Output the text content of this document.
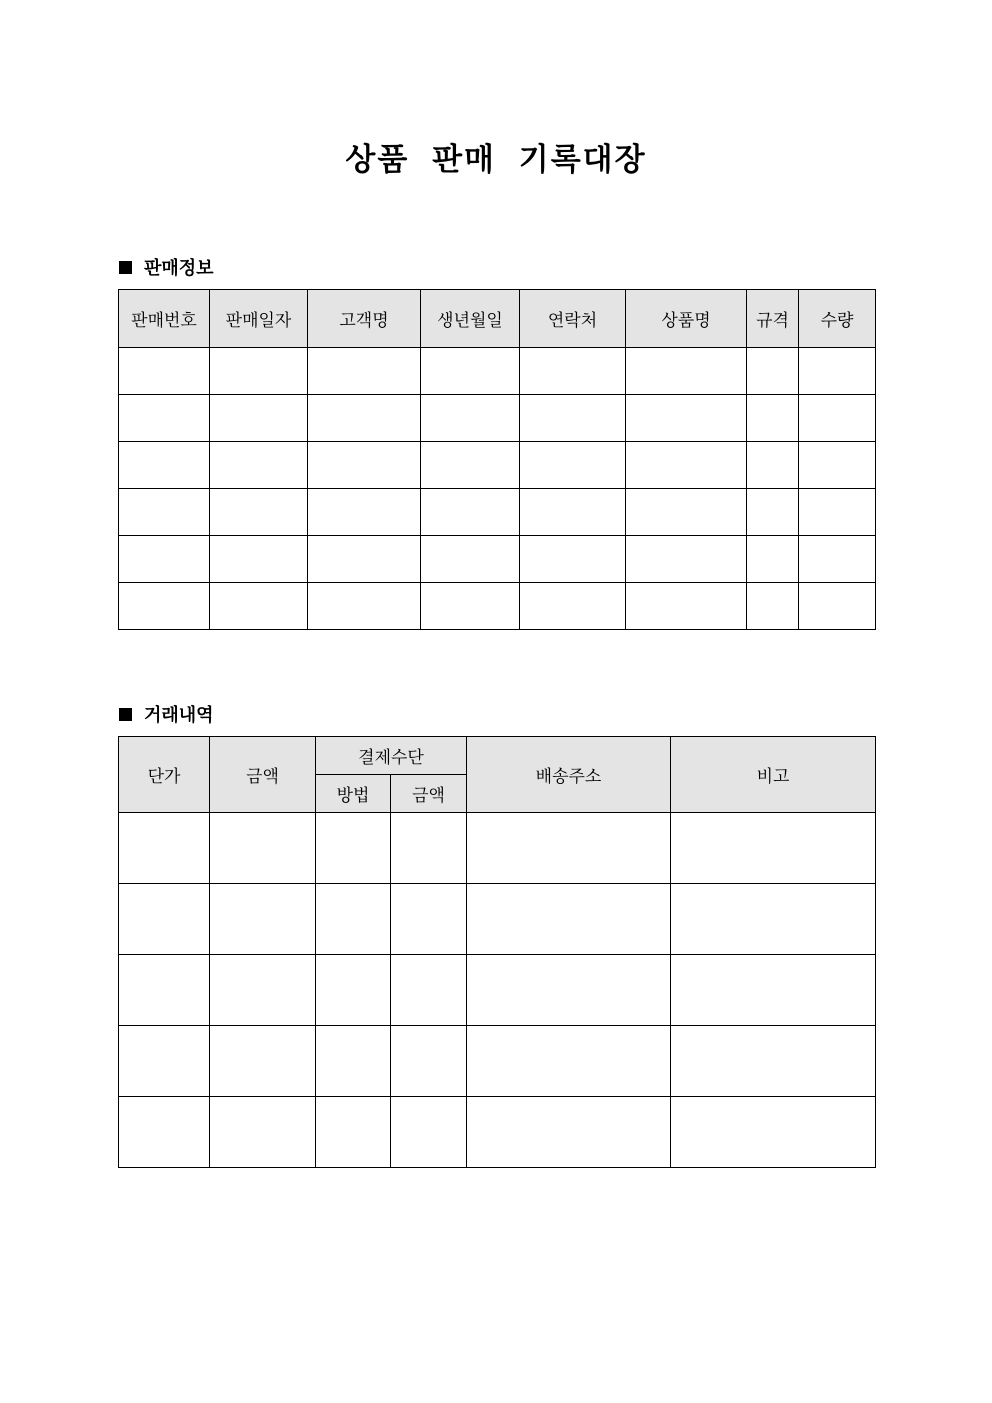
상품 판매 기록대장
판매정보
판매번호	판매일자	고객명	생년월일	연락처	상품명	규격	수량

거래내역
단가	금액	결제수단		배송주소	비고
		방법	금액		
